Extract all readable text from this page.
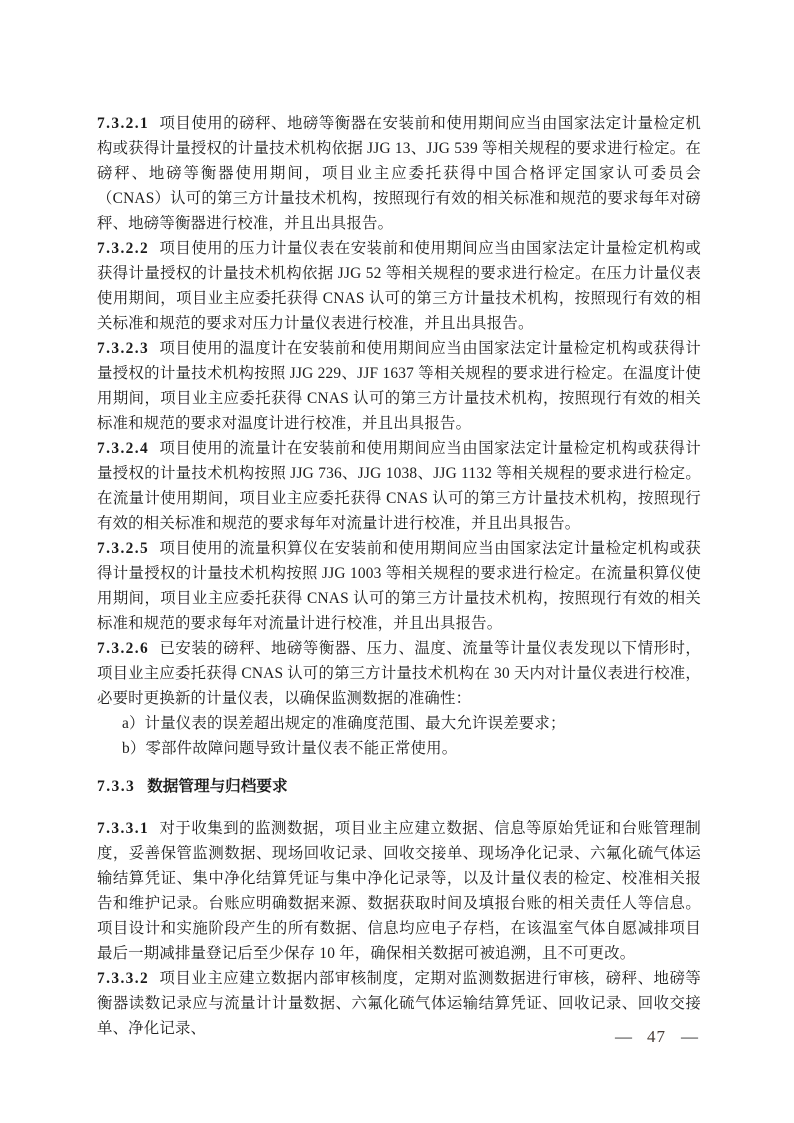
7.3.2.1 项目使用的磅秤、地磅等衡器在安装前和使用期间应当由国家法定计量检定机构或获得计量授权的计量技术机构依据 JJG 13、JJG 539 等相关规程的要求进行检定。在磅秤、地磅等衡器使用期间，项目业主应委托获得中国合格评定国家认可委员会（CNAS）认可的第三方计量技术机构，按照现行有效的相关标准和规范的要求每年对磅秤、地磅等衡器进行校准，并且出具报告。

7.3.2.2 项目使用的压力计量仪表在安装前和使用期间应当由国家法定计量检定机构或获得计量授权的计量技术机构依据 JJG 52 等相关规程的要求进行检定。在压力计量仪表使用期间，项目业主应委托获得 CNAS 认可的第三方计量技术机构，按照现行有效的相关标准和规范的要求对压力计量仪表进行校准，并且出具报告。

7.3.2.3 项目使用的温度计在安装前和使用期间应当由国家法定计量检定机构或获得计量授权的计量技术机构按照 JJG 229、JJF 1637 等相关规程的要求进行检定。在温度计使用期间，项目业主应委托获得 CNAS 认可的第三方计量技术机构，按照现行有效的相关标准和规范的要求对温度计进行校准，并且出具报告。

7.3.2.4 项目使用的流量计在安装前和使用期间应当由国家法定计量检定机构或获得计量授权的计量技术机构按照 JJG 736、JJG 1038、JJG 1132 等相关规程的要求进行检定。在流量计使用期间，项目业主应委托获得 CNAS 认可的第三方计量技术机构，按照现行有效的相关标准和规范的要求每年对流量计进行校准，并且出具报告。

7.3.2.5 项目使用的流量积算仪在安装前和使用期间应当由国家法定计量检定机构或获得计量授权的计量技术机构按照 JJG 1003 等相关规程的要求进行检定。在流量积算仪使用期间，项目业主应委托获得 CNAS 认可的第三方计量技术机构，按照现行有效的相关标准和规范的要求每年对流量计进行校准，并且出具报告。

7.3.2.6 已安装的磅秤、地磅等衡器、压力、温度、流量等计量仪表发现以下情形时，项目业主应委托获得 CNAS 认可的第三方计量技术机构在 30 天内对计量仪表进行校准，必要时更换新的计量仪表，以确保监测数据的准确性：

a）计量仪表的误差超出规定的准确度范围、最大允许误差要求；

b）零部件故障问题导致计量仪表不能正常使用。

7.3.3 数据管理与归档要求

7.3.3.1 对于收集到的监测数据，项目业主应建立数据、信息等原始凭证和台账管理制度，妥善保管监测数据、现场回收记录、回收交接单、现场净化记录、六氟化硫气体运输结算凭证、集中净化结算凭证与集中净化记录等，以及计量仪表的检定、校准相关报告和维护记录。台账应明确数据来源、数据获取时间及填报台账的相关责任人等信息。项目设计和实施阶段产生的所有数据、信息均应电子存档，在该温室气体自愿减排项目最后一期减排量登记后至少保存 10 年，确保相关数据可被追溯，且不可更改。

7.3.3.2 项目业主应建立数据内部审核制度，定期对监测数据进行审核，磅秤、地磅等衡器读数记录应与流量计计量数据、六氟化硫气体运输结算凭证、回收记录、回收交接单、净化记录、	— 47 —
